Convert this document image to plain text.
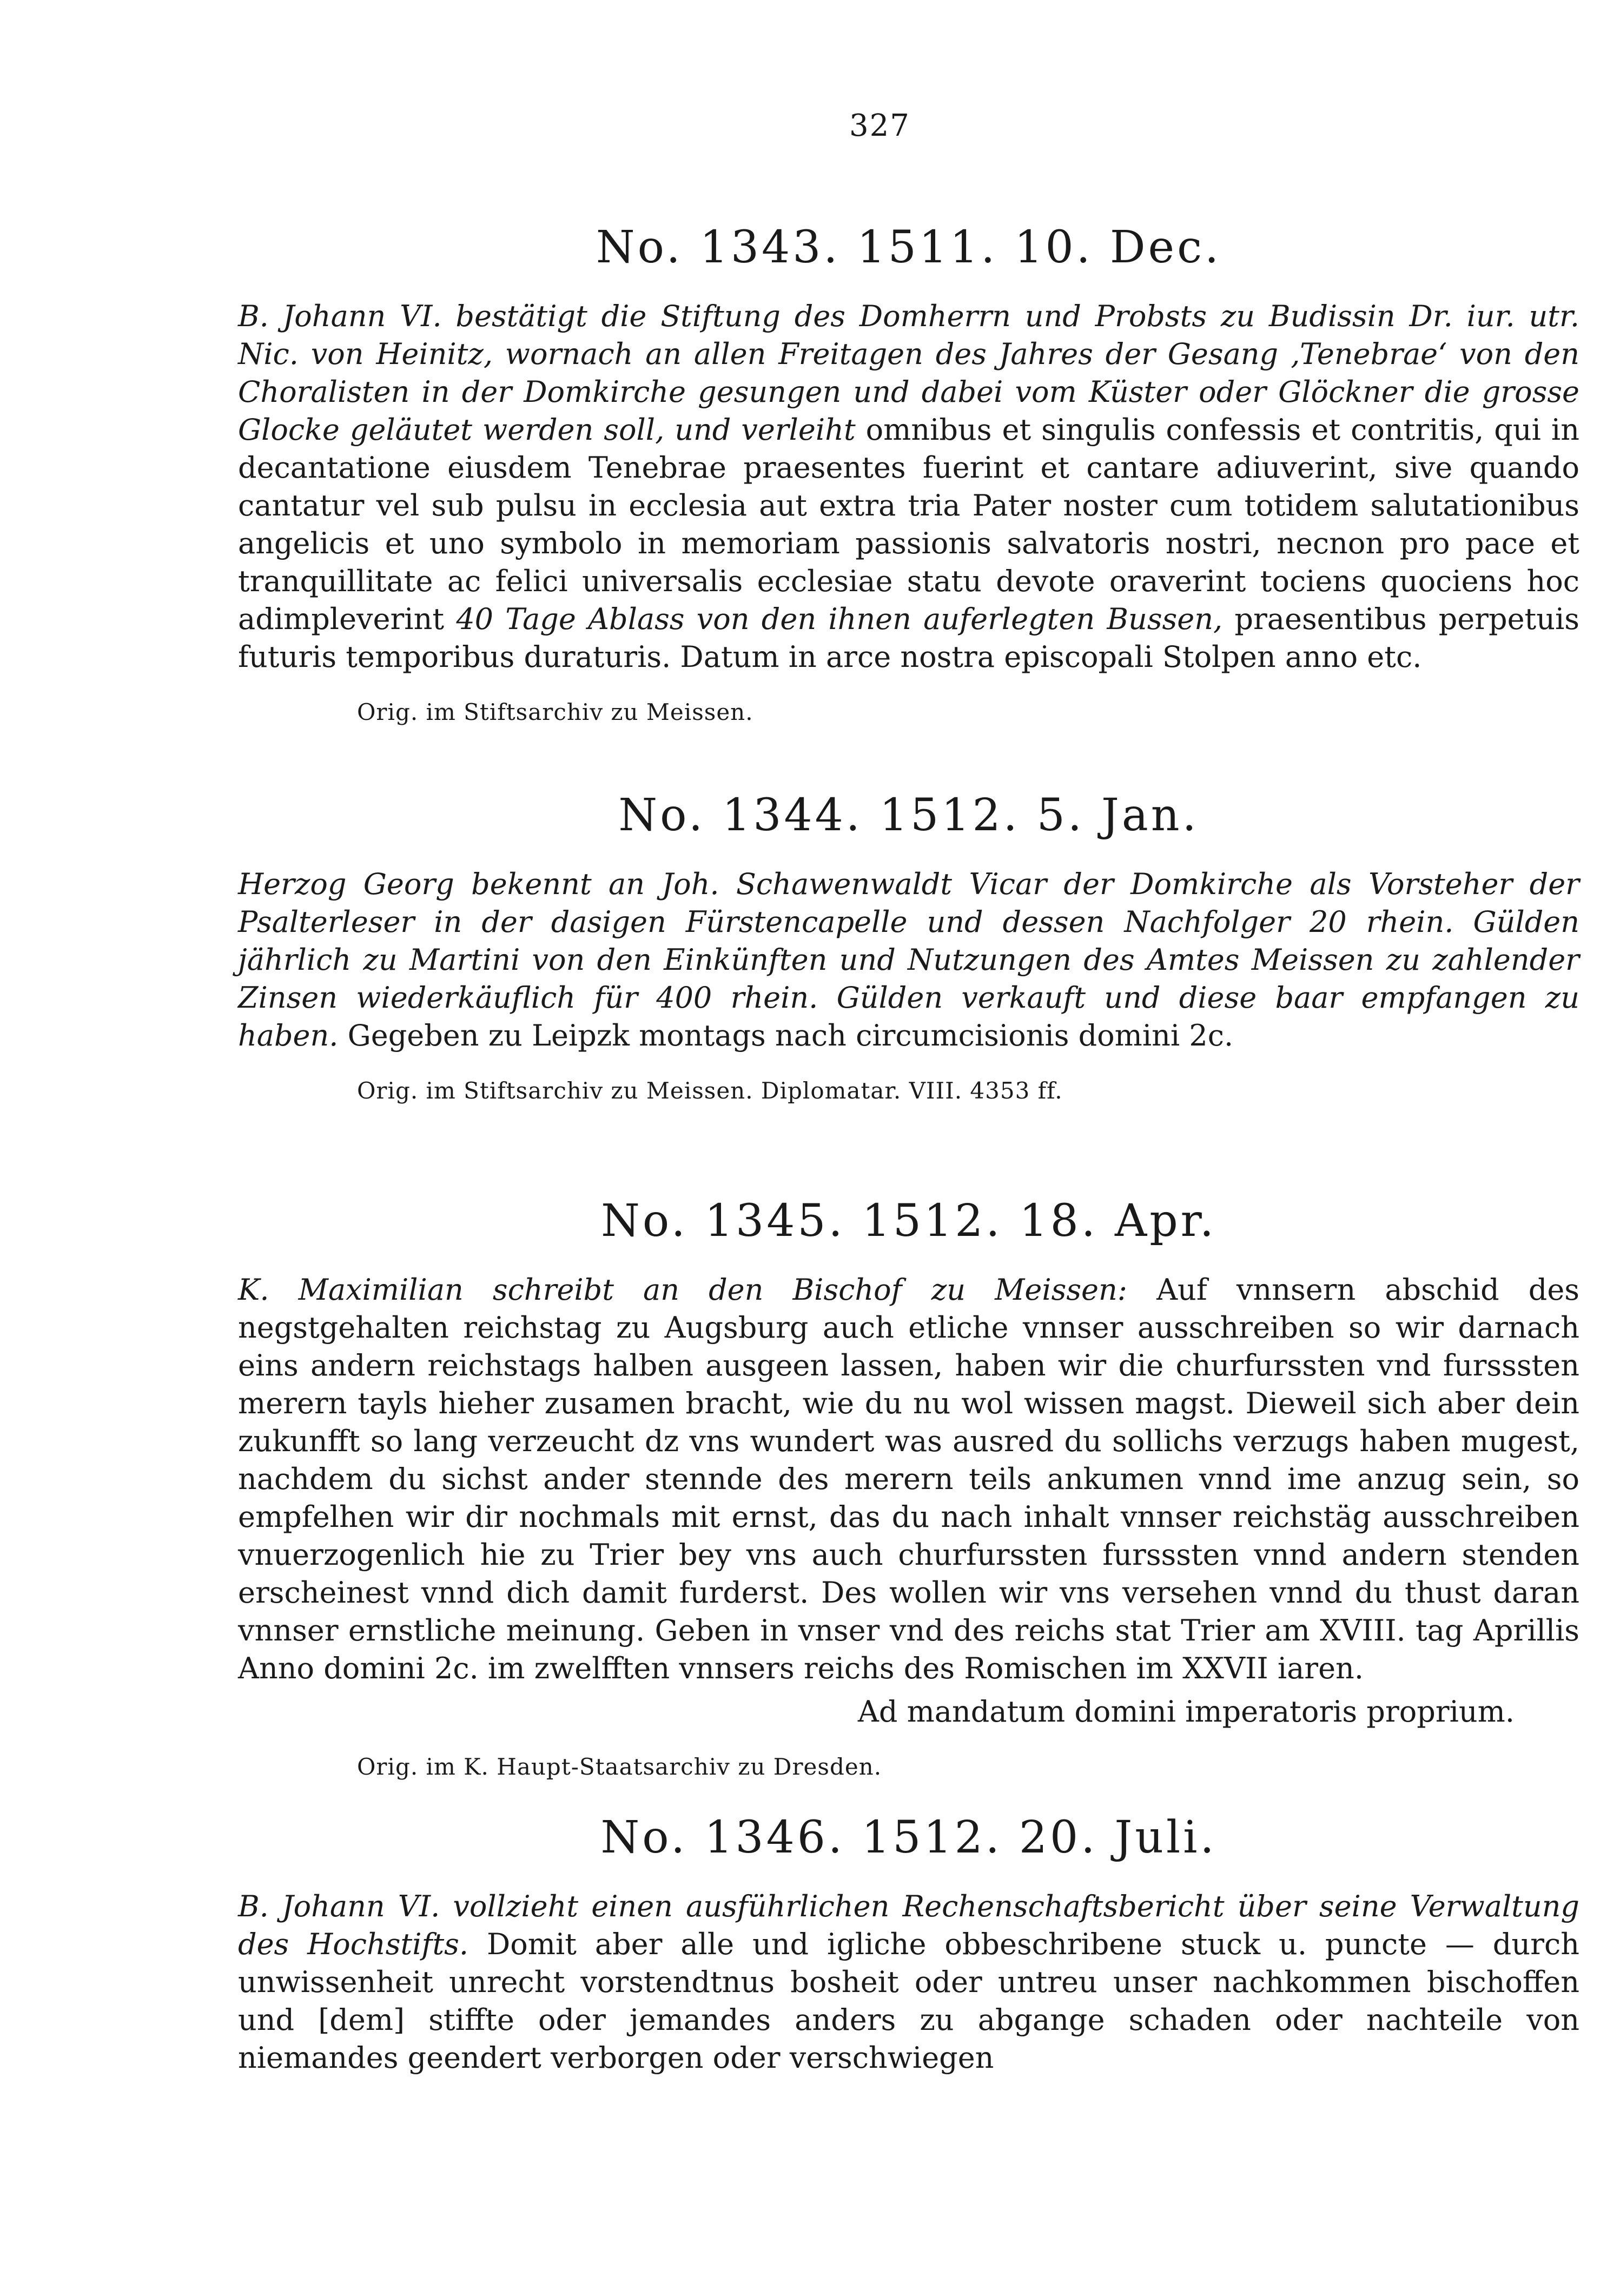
327
No. 1343. 1511. 10. Dec.

B. Johann VI. bestätigt die Stiftung des Domherrn und Probsts zu Budissin Dr. iur. utr. Nic. von Heinitz, wornach an allen Freitagen des Jahres der Gesang ‚Tenebrae‘ von den Choralisten in der Domkirche gesungen und dabei vom Küster oder Glöckner die grosse Glocke geläutet werden soll, und verleiht omnibus et singulis confessis et contritis, qui in decantatione eiusdem Tenebrae praesentes fuerint et cantare adiuverint, sive quando cantatur vel sub pulsu in ecclesia aut extra tria Pater noster cum totidem salutationibus angelicis et uno symbolo in memoriam passionis salvatoris nostri, necnon pro pace et tranquillitate ac felici universalis ecclesiae statu devote oraverint tociens quociens hoc adimpleverint 40 Tage Ablass von den ihnen auferlegten Bussen, praesentibus perpetuis futuris temporibus duraturis. Datum in arce nostra episcopali Stolpen anno etc.

Orig. im Stiftsarchiv zu Meissen.
No. 1344. 1512. 5. Jan.

Herzog Georg bekennt an Joh. Schawenwaldt Vicar der Domkirche als Vorsteher der Psalterleser in der dasigen Fürstencapelle und dessen Nachfolger 20 rhein. Gülden jährlich zu Martini von den Einkünften und Nutzungen des Amtes Meissen zu zahlender Zinsen wiederkäuflich für 400 rhein. Gülden verkauft und diese baar empfangen zu haben. Gegeben zu Leipzk montags nach circumcisionis domini 2c.

Orig. im Stiftsarchiv zu Meissen. Diplomatar. VIII. 4353 ff.
No. 1345. 1512. 18. Apr.

K. Maximilian schreibt an den Bischof zu Meissen: Auf vnnsern abschid des negstgehalten reichstag zu Augsburg auch etliche vnnser ausschreiben so wir darnach eins andern reichstags halben ausgeen lassen, haben wir die churfurssten vnd fursssten merern tayls hieher zusamen bracht, wie du nu wol wissen magst. Dieweil sich aber dein zukunfft so lang verzeucht dz vns wundert was ausred du sollichs verzugs haben mugest, nachdem du sichst ander stennde des merern teils ankumen vnnd ime anzug sein, so empfelhen wir dir nochmals mit ernst, das du nach inhalt vnnser reichstäg ausschreiben vnuerzogenlich hie zu Trier bey vns auch churfurssten fursssten vnnd andern stenden erscheinest vnnd dich damit furderst. Des wollen wir vns versehen vnnd du thust daran vnnser ernstliche meinung. Geben in vnser vnd des reichs stat Trier am XVIII. tag Aprillis Anno domini 2c. im zwelfften vnnsers reichs des Romischen im XXVII iaren.

Ad mandatum domini imperatoris proprium.
Orig. im K. Haupt-Staatsarchiv zu Dresden.
No. 1346. 1512. 20. Juli.

B. Johann VI. vollzieht einen ausführlichen Rechenschaftsbericht über seine Verwaltung des Hochstifts. Domit aber alle und igliche obbeschribene stuck u. puncte — durch unwissenheit unrecht vorstendtnus bosheit oder untreu unser nachkommen bischoffen und [dem] stiffte oder jemandes anders zu abgange schaden oder nachteile von niemandes geendert verborgen oder verschwiegen
